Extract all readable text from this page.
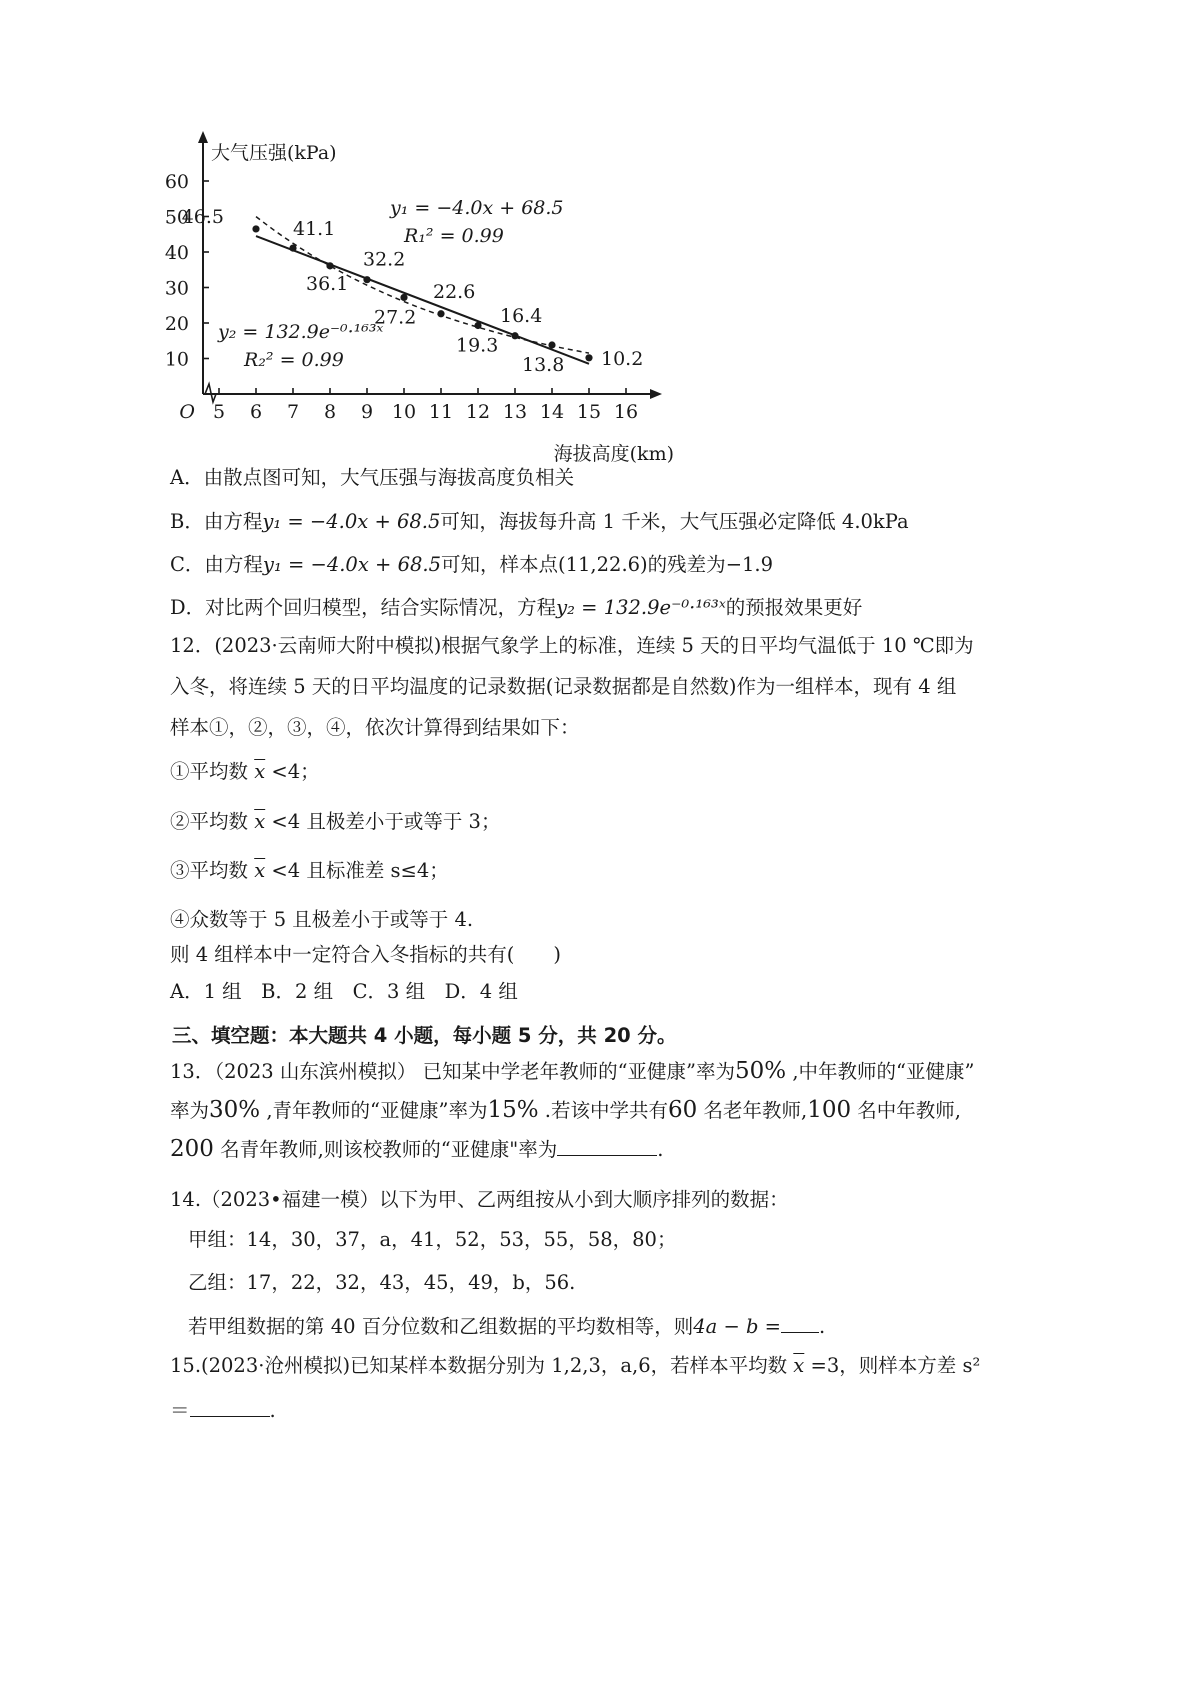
5 6 7 8 9 10 11 12 13 14 15 16
10
20
30
40
50
60
O
大气压强(kPa)
海拔高度(km)
46.5
41.1
36.1
32.2
27.2
22.6
19.3
16.4
13.8 10.2
y₁ = −4.0x + 68.5
R₁² = 0.99
y₂ = 132.9e⁻⁰·¹⁶³ˣ
R₂² = 0.99
A．由散点图可知，大气压强与海拔高度负相关
B．由方程y₁ = −4.0x + 68.5可知，海拔每升高 1 千米，大气压强必定降低 4.0kPa
C．由方程y₁ = −4.0x + 68.5可知，样本点(11,22.6)的残差为−1.9
D．对比两个回归模型，结合实际情况，方程y₂ = 132.9e⁻⁰·¹⁶³ˣ的预报效果更好
12．(2023·云南师大附中模拟)根据气象学上的标准，连续 5 天的日平均气温低于 10 ℃即为
入冬，将连续 5 天的日平均温度的记录数据(记录数据都是自然数)作为一组样本，现有 4 组
样本①，②，③，④，依次计算得到结果如下：
①平均数 $\overline{x} <4$；
②平均数 $\overline{x} <4$ 且极差小于或等于 3；
③平均数 $\overline{x} <4$ 且标准差 s≤4；
④众数等于 5 且极差小于或等于 4.
则 4 组样本中一定符合入冬指标的共有(　　)
A．1 组　B．2 组　C．3 组　D．4 组
三、填空题：本大题共 4 小题，每小题 5 分，共 20 分。
13．（2023 山东滨州模拟） 已知某中学老年教师的“亚健康”率为50% ,中年教师的“亚健康”
率为30% ,青年教师的“亚健康”率为15% .若该中学共有60 名老年教师,100 名中年教师,
200 名青年教师,则该校教师的“亚健康"率为	.
14.（2023•福建一模）以下为甲、乙两组按从小到大顺序排列的数据：
甲组：14，30，37，a，41，52，53，55，58，80；
乙组：17，22，32，43，45，49，b，56.
若甲组数据的第 40 百分位数和乙组数据的平均数相等，则4a − b = .
15.(2023·沧州模拟)已知某样本数据分别为 1,2,3，a,6，若样本平均数 $\overline{x} =3$，则样本方差 s²
＝	.
